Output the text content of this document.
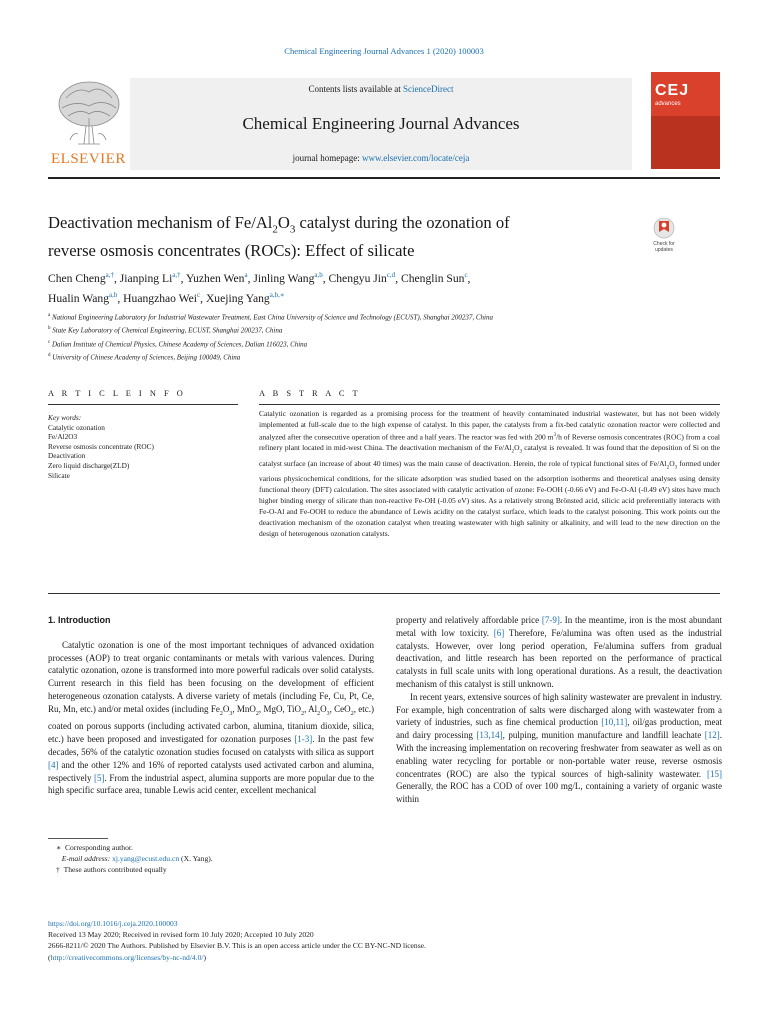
Chemical Engineering Journal Advances 1 (2020) 100003
ELSEVIER
Contents lists available at ScienceDirect
Chemical Engineering Journal Advances
journal homepage: www.elsevier.com/locate/ceja
CEJ
advances
Deactivation mechanism of $Fe/Al_2O_3$ catalyst during the ozonation of
reverse osmosis concentrates (ROCs): Effect of silicate	Check for
updates
Chen Cheng$^{a,\dagger}$, Jianping $Li^{a,\dagger}$, Yuzhen Wen$^a$, Jinling Wang$^{a,b}$, Chengyu Jin$^{c,d}$, Chenglin Sun$^c$,
Hualin Wang$^{a,b}$, Huangzhao Wei$^c$, Xuejing Yang$^{a,b,∗}$
$^a$ National Engineering Laboratory for Industrial Wastewater Treatment, East China University of Science and Technology (ECUST), Shanghai 200237, China
$^b$ State Key Laboratory of Chemical Engineering, ECUST, Shanghai 200237, China
$^c$ Dalian Institute of Chemical Physics, Chinese Academy of Sciences, Dalian 116023, China
$^d$ University of Chinese Academy of Sciences, Beijing 100049, China
A R T I C L E I N F O	A B S T R A C T
Key words:
Catalytic ozonation
Fe/Al2O3
Reverse osmosis concentrate (ROC)
Deactivation
Zero liquid discharge(ZLD)
Silicate
Catalytic ozonation is regarded as a promising process for the treatment of heavily contaminated industrial wastewater, but has not been widely implemented at full-scale due to the high expense of catalyst. In this paper, the catalysts from a fix-bed catalytic ozonation reactor were collected and analyzed after the consecutive operation of three and a half years. The reactor was fed with 200 $m^3/h$ of Reverse osmosis concentrates (ROC) from a coal refinery plant located in mid-west China. The deactivation mechanism of the $Fe/Al_2O_3$ catalyst is revealed. It was found that the deposition of Si on the catalyst surface (an increase of about 40 times) was the main cause of deactivation. Herein, the role of typical functional sites of $Fe/Al_2O_3$ formed under various physicochemical conditions, for the silicate adsorption was studied based on the adsorption isotherms and theoretical analyses using density functional theory (DFT) calculation. The sites associated with catalytic activation of ozone: Fe-OOH (-0.66 eV) and Fe-O-Al (-0.49 eV) sites have much higher binding energy of silicate than non-reactive Fe-OH (-0.05 eV) sites. As a relatively strong Brönsted acid, silicic acid preferentially interacts with Fe-O-Al and Fe-OOH to reduce the abundance of Lewis acidity on the catalyst surface, which leads to the catalyst poisoning. This work points out the deactivation mechanism of the ozonation catalyst when treating wastewater with high salinity or alkalinity, and will lead to the new direction on the design of heterogenous ozonation catalysts.
1. Introduction

Catalytic ozonation is one of the most important techniques of advanced oxidation processes (AOP) to treat organic contaminants or metals with various valences. During catalytic ozonation, ozone is transformed into more powerful radicals over solid catalysts. Current research in this field has been focusing on the development of efficient heterogeneous ozonation catalysts. A diverse variety of metals (including Fe, Cu, Pt, Ce, Ru, Mn, etc.) and/or metal oxides (including $Fe_2O_3$, MnO$_2$, MgO, TiO$_2$, $Al_2O_3$, CeO$_2$, etc.) coated on porous supports (including activated carbon, alumina, titanium dioxide, silica, etc.) have been proposed and investigated for ozonation purposes [1-3]. In the past few decades, 56% of the catalytic ozonation studies focused on catalysts with silica as support [4] and the other 12% and 16% of reported catalysts used activated carbon and alumina, respectively [5]. From the industrial aspect, alumina supports are more popular due to the high specific surface area, tunable Lewis acid center, excellent mechanical

property and relatively affordable price [7-9]. In the meantime, iron is the most abundant metal with low toxicity. [6] Therefore, Fe/alumina was often used as the industrial catalysts. However, over long period operation, Fe/alumina suffers from gradual deactivation, and little research has been reported on the performance of practical catalysts in full scale units with long operational durations. As a result, the deactivation mechanism of this catalyst is still unknown.

In recent years, extensive sources of high salinity wastewater are prevalent in industry. For example, high concentration of salts were discharged along with wastewater from a variety of industries, such as fine chemical production [10,11], oil/gas production, meat and dairy processing [13,14], pulping, munition manufacture and landfill leachate [12]. With the increasing implementation on recovering freshwater from seawater as well as on enabling water recycling for portable or non-portable water reuse, reverse osmosis concentrates (ROC) are also the typical sources of high-salinity wastewater. [15] Generally, the ROC has a COD of over 100 mg/L, containing a variety of organic waste within

∗ Corresponding author.
E-mail address: xj.yang@ecust.edu.cn (X. Yang).
† These authors contributed equally
https://doi.org/10.1016/j.ceja.2020.100003
Received 13 May 2020; Received in revised form 10 July 2020; Accepted 10 July 2020
2666-8211/© 2020 The Authors. Published by Elsevier B.V. This is an open access article under the CC BY-NC-ND license.
(http://creativecommons.org/licenses/by-nc-nd/4.0/)
